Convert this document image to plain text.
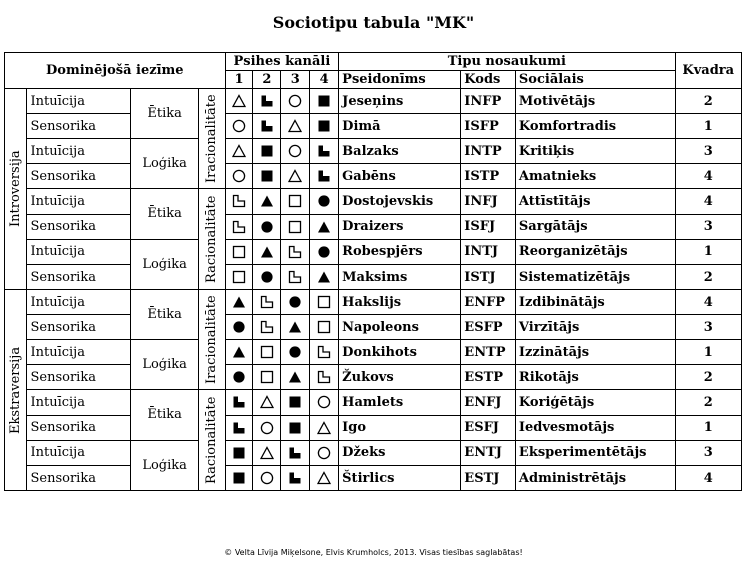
Sociotipu tabula "MK"
Dominējošā iezīme				Psihes kanāli				Tipu nosaukumi			Kvadra
				1	2	3	4	Pseidonīms	Kods	Sociālais	

Introversija	Intuīcija	Ētika	Iracionalitāte					Jeseņins	INFP	Motivētājs	2
	Sensorika							Dimā	ISFP	Komfortradis	1
	Intuīcija	Loģika						Balzaks	INTP	Kritiķis	3
	Sensorika							Gabēns	ISTP	Amatnieks	4
	Intuīcija	Ētika	Racionalitāte					Dostojevskis	INFJ	Attīstītājs	4
	Sensorika							Draizers	ISFJ	Sargātājs	3
	Intuīcija	Loģika						Robespjērs	INTJ	Reorganizētājs	1
	Sensorika							Maksims	ISTJ	Sistematizētājs	2

Ekstraversija	Intuīcija	Ētika	Iracionalitāte					Hakslijs	ENFP	Izdibinātājs	4
	Sensorika							Napoleons	ESFP	Virzītājs	3
	Intuīcija	Loģika						Donkihots	ENTP	Izzinātājs	1
	Sensorika							Žukovs	ESTP	Rikotājs	2
	Intuīcija	Ētika	Racionalitāte					Hamlets	ENFJ	Koriģētājs	2
	Sensorika							Igo	ESFJ	Iedvesmotājs	1
	Intuīcija	Loģika						Džeks	ENTJ	Eksperimentētājs	3
	Sensorika							Štirlics	ESTJ	Administrētājs	4
© Velta Līvija Miķelsone, Elvis Krumholcs, 2013. Visas tiesības saglabātas!
